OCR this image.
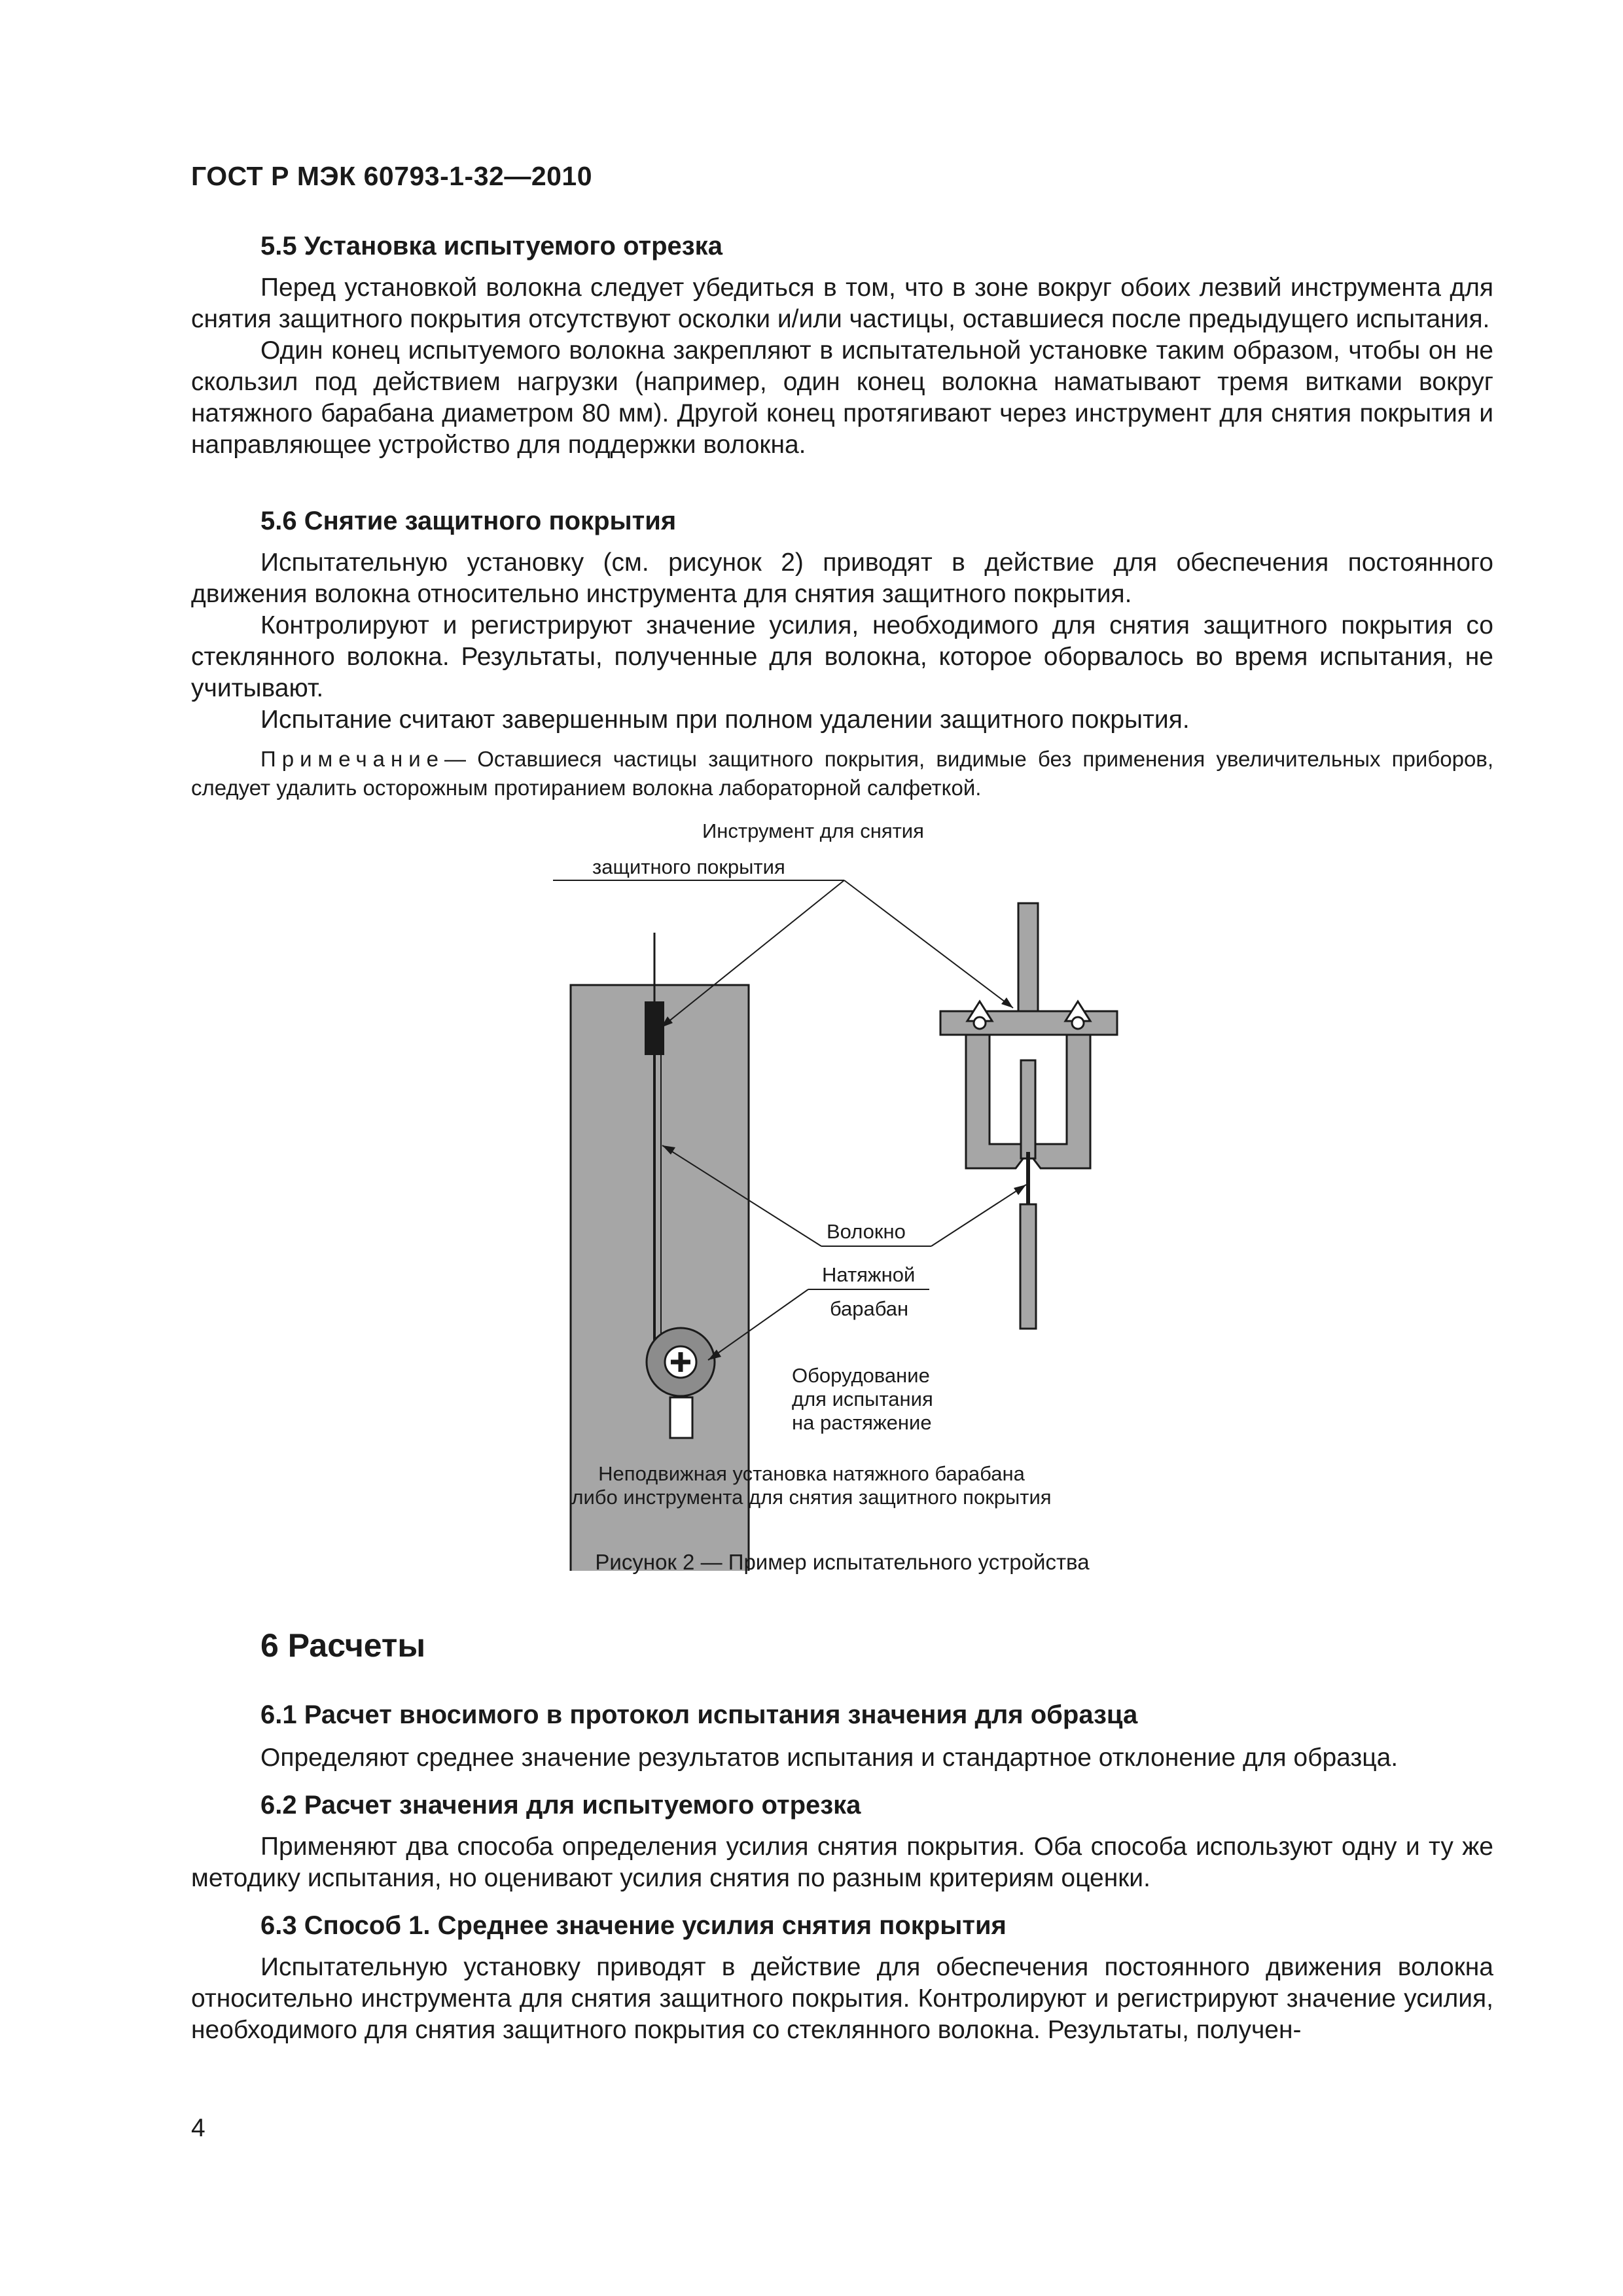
ГОСТ Р МЭК 60793-1-32—2010
5.5 Установка испытуемого отрезка

Перед установкой волокна следует убедиться в том, что в зоне вокруг обоих лезвий инструмента для снятия защитного покрытия отсутствуют осколки и/или частицы, оставшиеся после предыдущего испытания.

Один конец испытуемого волокна закрепляют в испытательной установке таким образом, чтобы он не скользил под действием нагрузки (например, один конец волокна наматывают тремя витками вокруг натяжного барабана диаметром 80 мм). Другой конец протягивают через инструмент для снятия покрытия и направляющее устройство для поддержки волокна.

5.6 Снятие защитного покрытия

Испытательную установку (см. рисунок 2) приводят в действие для обеспечения постоянного движения волокна относительно инструмента для снятия защитного покрытия.

Контролируют и регистрируют значение усилия, необходимого для снятия защитного покрытия со стеклянного волокна. Результаты, полученные для волокна, которое оборвалось во время испытания, не учитывают.

Испытание считают завершенным при полном удалении защитного покрытия.

Примечание— Оставшиеся частицы защитного покрытия, видимые без применения увеличительных приборов, следует удалить осторожным протиранием волокна лабораторной салфеткой.

Инструмент для снятия
защитного покрытия
Волокно
Натяжной
барабан
Оборудование
для испытания
на растяжение
Неподвижная установка натяжного барабана
либо инструмента для снятия защитного покрытия
Рисунок 2 — Пример испытательного устройства
6 Расчеты
6.1 Расчет вносимого в протокол испытания значения для образца

Определяют среднее значение результатов испытания и стандартное отклонение для образца.

6.2 Расчет значения для испытуемого отрезка

Применяют два способа определения усилия снятия покрытия. Оба способа используют одну и ту же методику испытания, но оценивают усилия снятия по разным критериям оценки.

6.3 Способ 1. Среднее значение усилия снятия покрытия

Испытательную установку приводят в действие для обеспечения постоянного движения волокна относительно инструмента для снятия защитного покрытия. Контролируют и регистрируют значение усилия, необходимого для снятия защитного покрытия со стеклянного волокна. Результаты, получен-

4
